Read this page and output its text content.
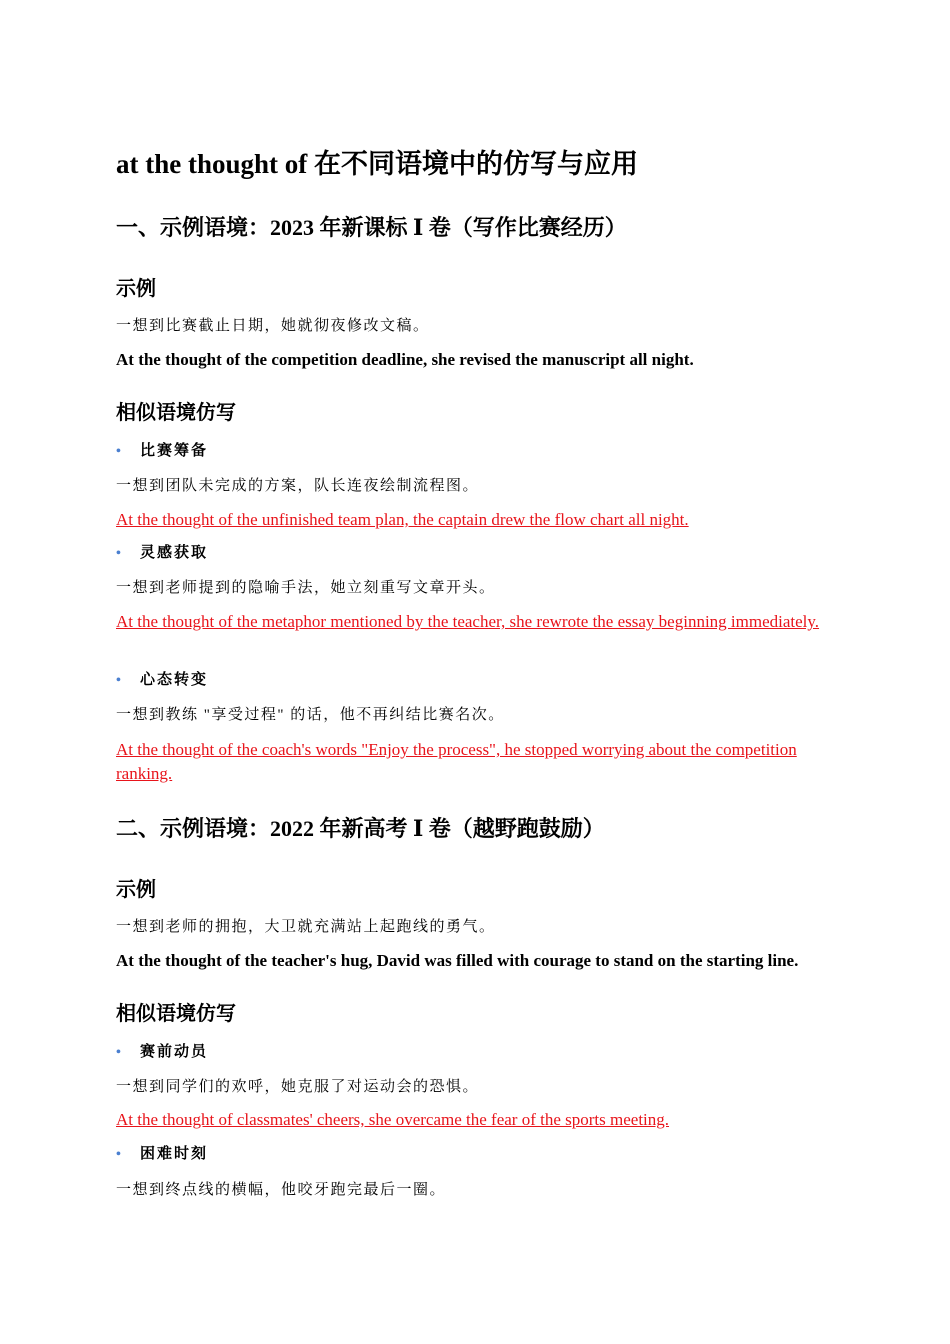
at the thought of 在不同语境中的仿写与应用
一、示例语境：2023 年新课标 Ⅰ 卷（写作比赛经历）
示例

一想到比赛截止日期，她就彻夜修改文稿。

At the thought of the competition deadline, she revised the manuscript all night.

相似语境仿写

• 比赛筹备

一想到团队未完成的方案，队长连夜绘制流程图。

At the thought of the unfinished team plan, the captain drew the flow chart all night.

• 灵感获取

一想到老师提到的隐喻手法，她立刻重写文章开头。

At the thought of the metaphor mentioned by the teacher, she rewrote the essay beginning immediately.

• 心态转变

一想到教练 "享受过程" 的话，他不再纠结比赛名次。

At the thought of the coach's words "Enjoy the process", he stopped worrying about the competition ranking.

二、示例语境：2022 年新高考 Ⅰ 卷（越野跑鼓励）
示例

一想到老师的拥抱，大卫就充满站上起跑线的勇气。

At the thought of the teacher's hug, David was filled with courage to stand on the starting line.

相似语境仿写

• 赛前动员

一想到同学们的欢呼，她克服了对运动会的恐惧。

At the thought of classmates' cheers, she overcame the fear of the sports meeting.

• 困难时刻

一想到终点线的横幅，他咬牙跑完最后一圈。
